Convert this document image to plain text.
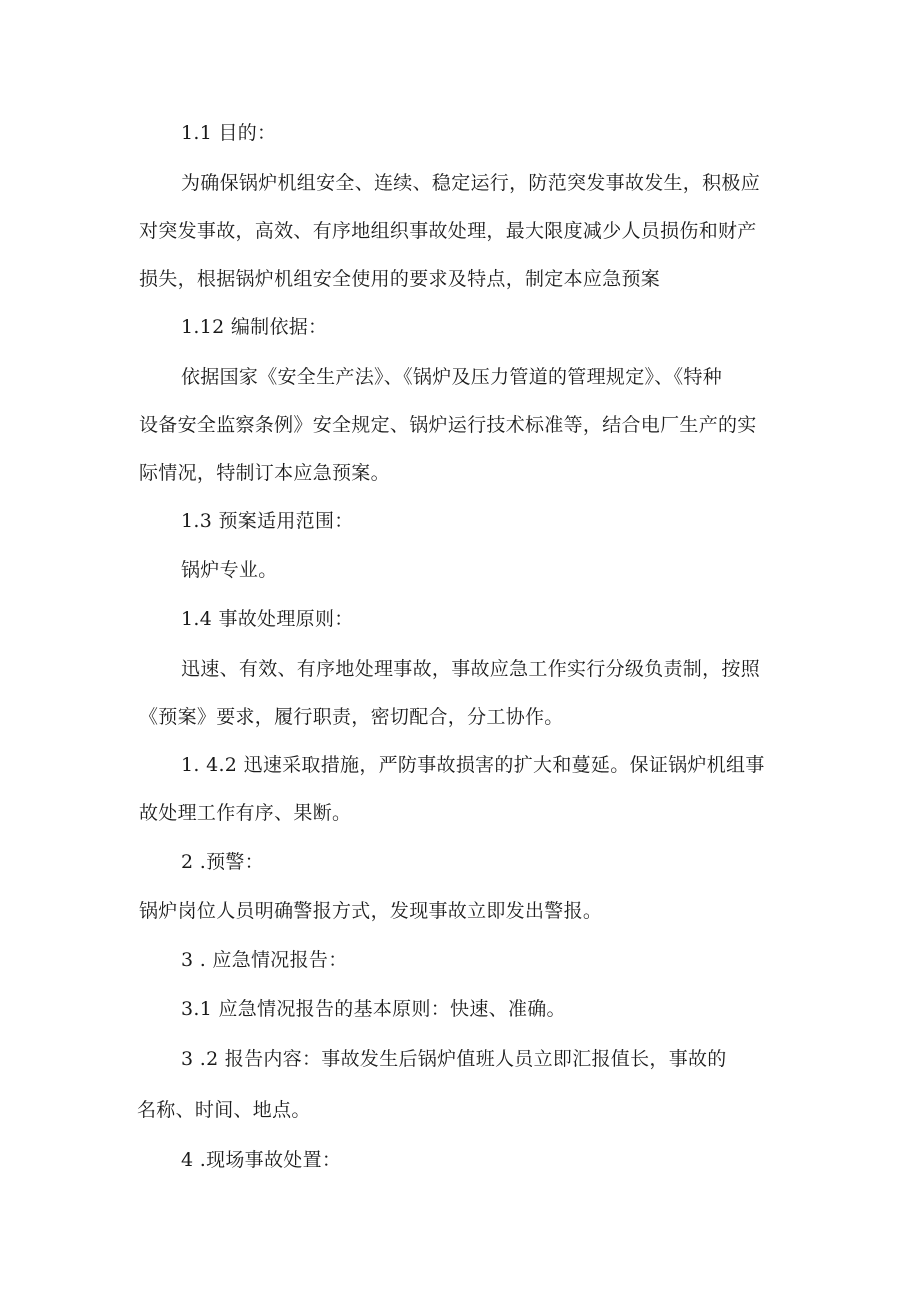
1.1 目的：
为确保锅炉机组安全、连续、稳定运行，防范突发事故发生，积极应
对突发事故，高效、有序地组织事故处理，最大限度减少人员损伤和财产
损失，根据锅炉机组安全使用的要求及特点，制定本应急预案
1.12 编制依据：
依据国家《安全生产法》、《锅炉及压力管道的管理规定》、《特种
设备安全监察条例》安全规定、锅炉运行技术标准等，结合电厂生产的实
际情况，特制订本应急预案。
1.3 预案适用范围：
锅炉专业。
1.4 事故处理原则：
迅速、有效、有序地处理事故，事故应急工作实行分级负责制，按照
《预案》要求，履行职责，密切配合，分工协作。
1. 4.2 迅速采取措施，严防事故损害的扩大和蔓延。保证锅炉机组事
故处理工作有序、果断。
2 .预警：
锅炉岗位人员明确警报方式，发现事故立即发出警报。
3 . 应急情况报告：
3.1 应急情况报告的基本原则：快速、准确。
3 .2 报告内容：事故发生后锅炉值班人员立即汇报值长，事故的
名称、时间、地点。
4 .现场事故处置：
